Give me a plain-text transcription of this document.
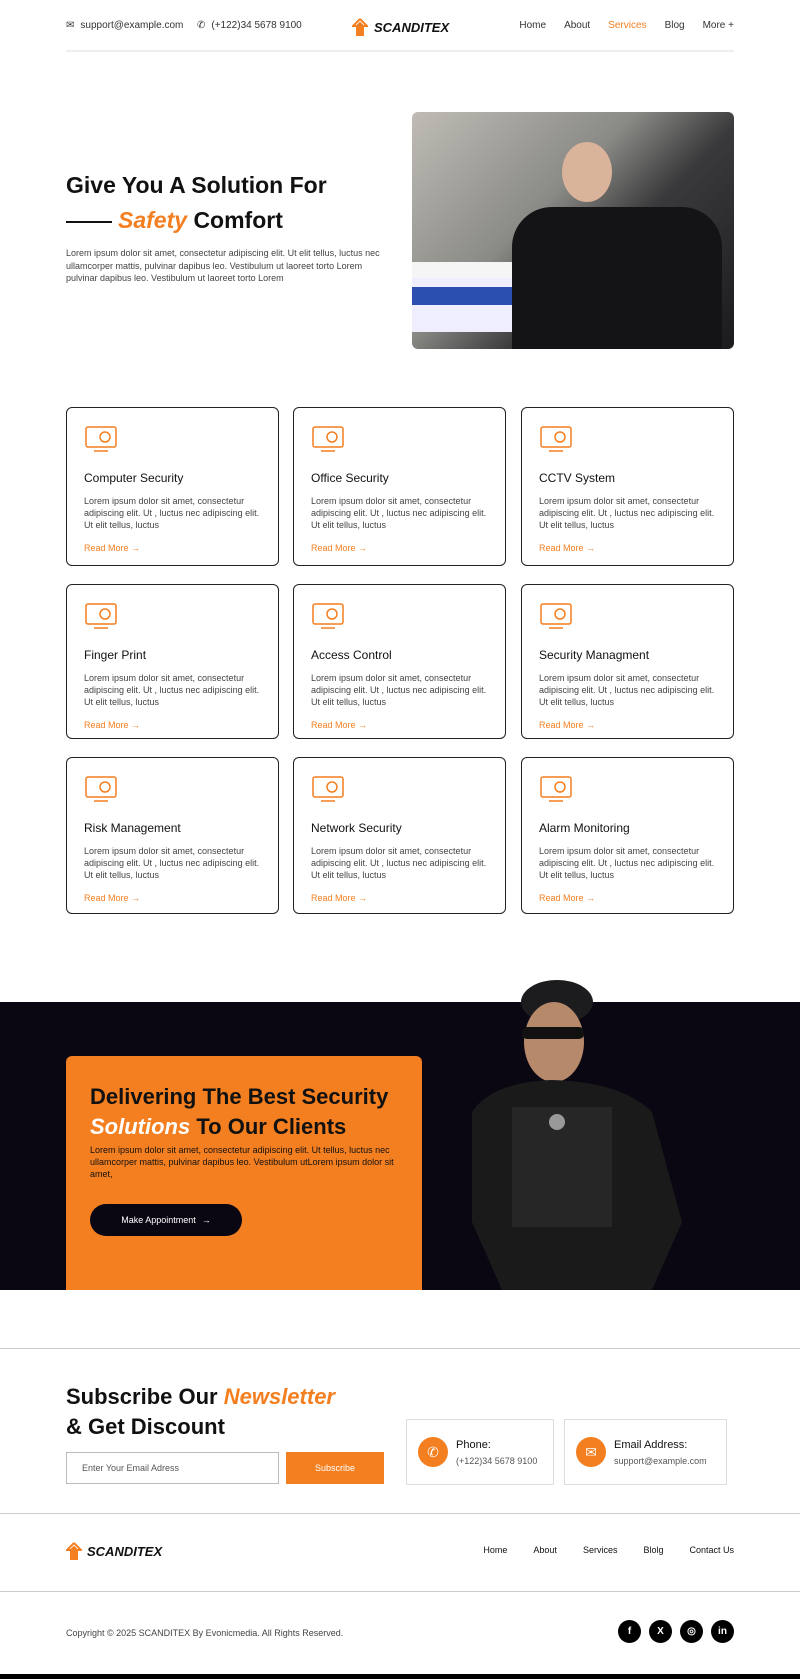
✉ support@example.com ✆ (+122)34 5678 9100	SCANDITEX	Home About Services Blog More +
Give You A Solution For
Safety Comfort

Lorem ipsum dolor sit amet, consectetur adipiscing elit. Ut elit tellus, luctus nec ullamcorper mattis, pulvinar dapibus leo. Vestibulum ut laoreet torto Lorem pulvinar dapibus leo. Vestibulum ut laoreet torto Lorem

Computer Security

Lorem ipsum dolor sit amet, consectetur adipiscing elit. Ut , luctus nec adipiscing elit. Ut elit tellus, luctus

Read More →
Office Security

Lorem ipsum dolor sit amet, consectetur adipiscing elit. Ut , luctus nec adipiscing elit. Ut elit tellus, luctus

Read More →
CCTV System

Lorem ipsum dolor sit amet, consectetur adipiscing elit. Ut , luctus nec adipiscing elit. Ut elit tellus, luctus

Read More →
Finger Print

Lorem ipsum dolor sit amet, consectetur adipiscing elit. Ut , luctus nec adipiscing elit. Ut elit tellus, luctus

Read More →
Access Control

Lorem ipsum dolor sit amet, consectetur adipiscing elit. Ut , luctus nec adipiscing elit. Ut elit tellus, luctus

Read More →
Security Managment

Lorem ipsum dolor sit amet, consectetur adipiscing elit. Ut , luctus nec adipiscing elit. Ut elit tellus, luctus

Read More →
Risk Management

Lorem ipsum dolor sit amet, consectetur adipiscing elit. Ut , luctus nec adipiscing elit. Ut elit tellus, luctus

Read More →
Network Security

Lorem ipsum dolor sit amet, consectetur adipiscing elit. Ut , luctus nec adipiscing elit. Ut elit tellus, luctus

Read More →
Alarm Monitoring

Lorem ipsum dolor sit amet, consectetur adipiscing elit. Ut , luctus nec adipiscing elit. Ut elit tellus, luctus

Read More →
Delivering The Best Security Solutions To Our Clients

Lorem ipsum dolor sit amet, consectetur adipiscing elit. Ut tellus, luctus nec ullamcorper mattis, pulvinar dapibus leo. Vestibulum utLorem ipsum dolor sit amet,

Make Appointment →
Subscribe Our Newsletter
& Get Discount
Enter Your Email Adress	Subscribe
✆	Phone:
(+122)34 5678 9100
✉	Email Address:
support@example.com
SCANDITEX	Home	About	Services	Blolg	Contact Us
Copyright © 2025 SCANDITEX By Evonicmedia. All Rights Reserved.	f	X	◎	in
